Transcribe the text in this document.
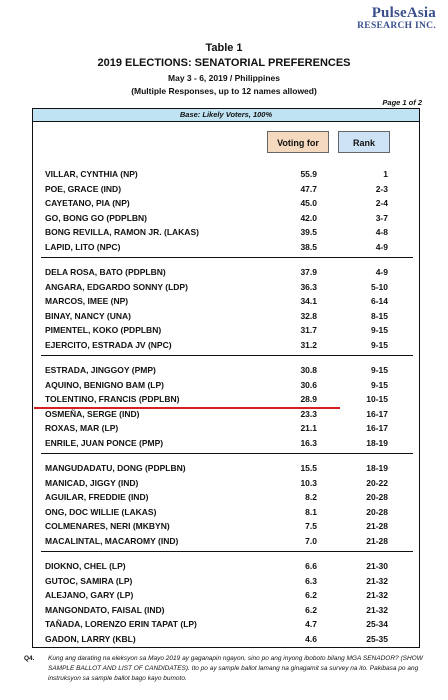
PulseAsia
RESEARCH INC.
Table 1
2019 ELECTIONS: SENATORIAL PREFERENCES
May 3 - 6, 2019 / Philippines
(Multiple Responses, up to 12 names allowed)
Page 1 of 2
Base: Likely Voters, 100%
Voting for	Rank
VILLAR, CYNTHIA (NP)	55.9	1
POE, GRACE (IND)	47.7	2-3
CAYETANO, PIA (NP)	45.0	2-4
GO, BONG GO (PDPLBN)	42.0	3-7
BONG REVILLA, RAMON JR. (LAKAS)	39.5	4-8
LAPID, LITO (NPC)	38.5	4-9
DELA ROSA, BATO (PDPLBN)	37.9	4-9
ANGARA, EDGARDO SONNY (LDP)	36.3	5-10
MARCOS, IMEE (NP)	34.1	6-14
BINAY, NANCY (UNA)	32.8	8-15
PIMENTEL, KOKO (PDPLBN)	31.7	9-15
EJERCITO, ESTRADA JV (NPC)	31.2	9-15
ESTRADA, JINGGOY (PMP)	30.8	9-15
AQUINO, BENIGNO BAM (LP)	30.6	9-15
TOLENTINO, FRANCIS (PDPLBN)	28.9	10-15
OSMEÑA, SERGE (IND)	23.3	16-17
ROXAS, MAR (LP)	21.1	16-17
ENRILE, JUAN PONCE (PMP)	16.3	18-19
MANGUDADATU, DONG (PDPLBN)	15.5	18-19
MANICAD, JIGGY (IND)	10.3	20-22
AGUILAR, FREDDIE (IND)	8.2	20-28
ONG, DOC WILLIE (LAKAS)	8.1	20-28
COLMENARES, NERI (MKBYN)	7.5	21-28
MACALINTAL, MACAROMY (IND)	7.0	21-28
DIOKNO, CHEL (LP)	6.6	21-30
GUTOC, SAMIRA (LP)	6.3	21-32
ALEJANO, GARY (LP)	6.2	21-32
MANGONDATO, FAISAL (IND)	6.2	21-32
TAÑADA, LORENZO ERIN TAPAT (LP)	4.7	25-34
GADON, LARRY (KBL)	4.6	25-35
Q4. Kung ang darating na eleksyon sa Mayo 2019 ay gaganapin ngayon, sino po ang inyong iboboto bilang MGA SENADOR? (SHOW SAMPLE BALLOT AND LIST OF CANDIDATES). Ito po ay sample ballot lamang na ginagamit sa survey na ito. Pakibasa po ang instruksyon sa sample ballot bago kayo bumoto.
